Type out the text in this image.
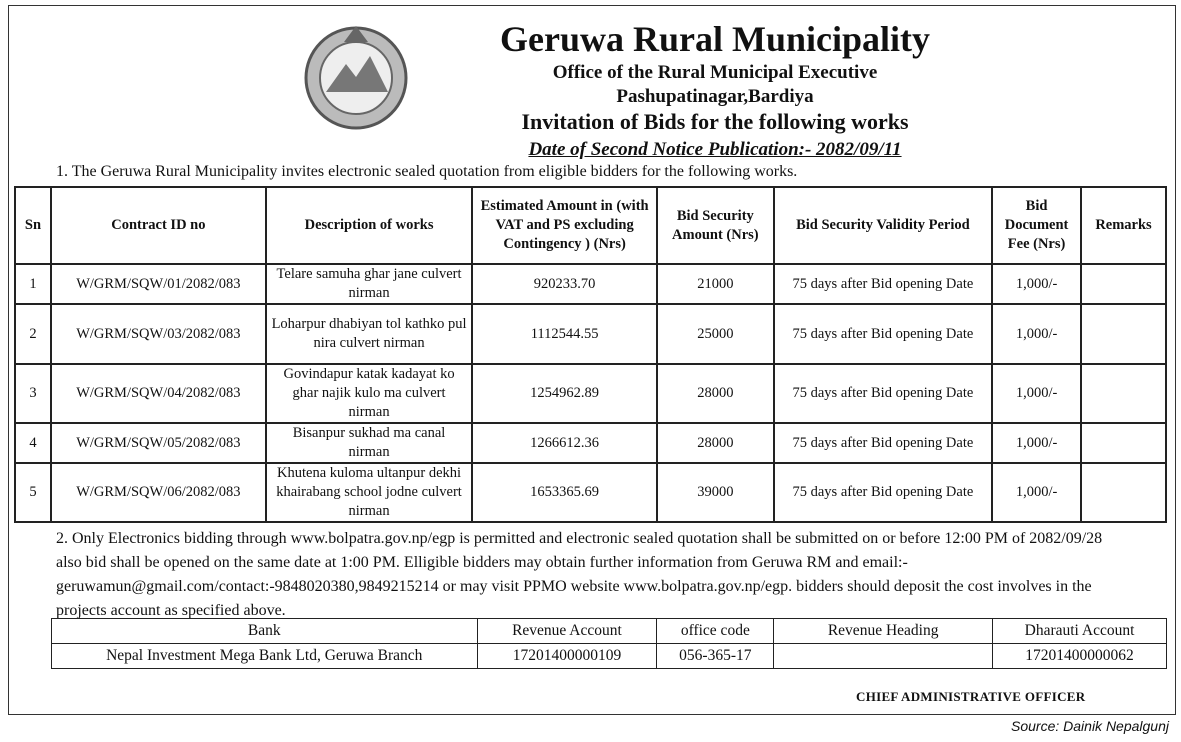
Geruwa Rural Municipality
Office of the Rural Municipal Executive
Pashupatinagar,Bardiya
Invitation of Bids for the following works
Date of Second Notice Publication:- 2082/09/11
1. The Geruwa Rural Municipality invites electronic sealed quotation from eligible bidders for the following works.
Sn	Contract ID no	Description of works	Estimated Amount in (with VAT and PS excluding Contingency ) (Nrs)	Bid Security Amount (Nrs)	Bid Security Validity Period	Bid Document Fee (Nrs)	Remarks
1	W/GRM/SQW/01/2082/083	Telare samuha ghar jane culvert nirman	920233.70	21000	75 days after Bid opening Date	1,000/-	
2	W/GRM/SQW/03/2082/083	Loharpur dhabiyan tol kathko pul nira culvert nirman	1112544.55	25000	75 days after Bid opening Date	1,000/-	
3	W/GRM/SQW/04/2082/083	Govindapur katak kadayat ko ghar najik kulo ma culvert nirman	1254962.89	28000	75 days after Bid opening Date	1,000/-	
4	W/GRM/SQW/05/2082/083	Bisanpur sukhad ma canal nirman	1266612.36	28000	75 days after Bid opening Date	1,000/-	
5	W/GRM/SQW/06/2082/083	Khutena kuloma ultanpur dekhi khairabang school jodne culvert nirman	1653365.69	39000	75 days after Bid opening Date	1,000/-	
2. Only Electronics bidding through www.bolpatra.gov.np/egp is permitted and electronic sealed quotation shall be submitted on or before 12:00 PM of 2082/09/28
also bid shall be opened on the same date at 1:00 PM. Elligible bidders may obtain further information from Geruwa RM and email:-
geruwamun@gmail.com/contact:-9848020380,9849215214 or may visit PPMO website www.bolpatra.gov.np/egp. bidders should deposit the cost involves in the
projects account as specified above.
Bank	Revenue Account	office code	Revenue Heading	Dharauti Account
Nepal Investment Mega Bank Ltd, Geruwa Branch	17201400000109	056-365-17		17201400000062
CHIEF ADMINISTRATIVE OFFICER
Source: Dainik Nepalgunj
